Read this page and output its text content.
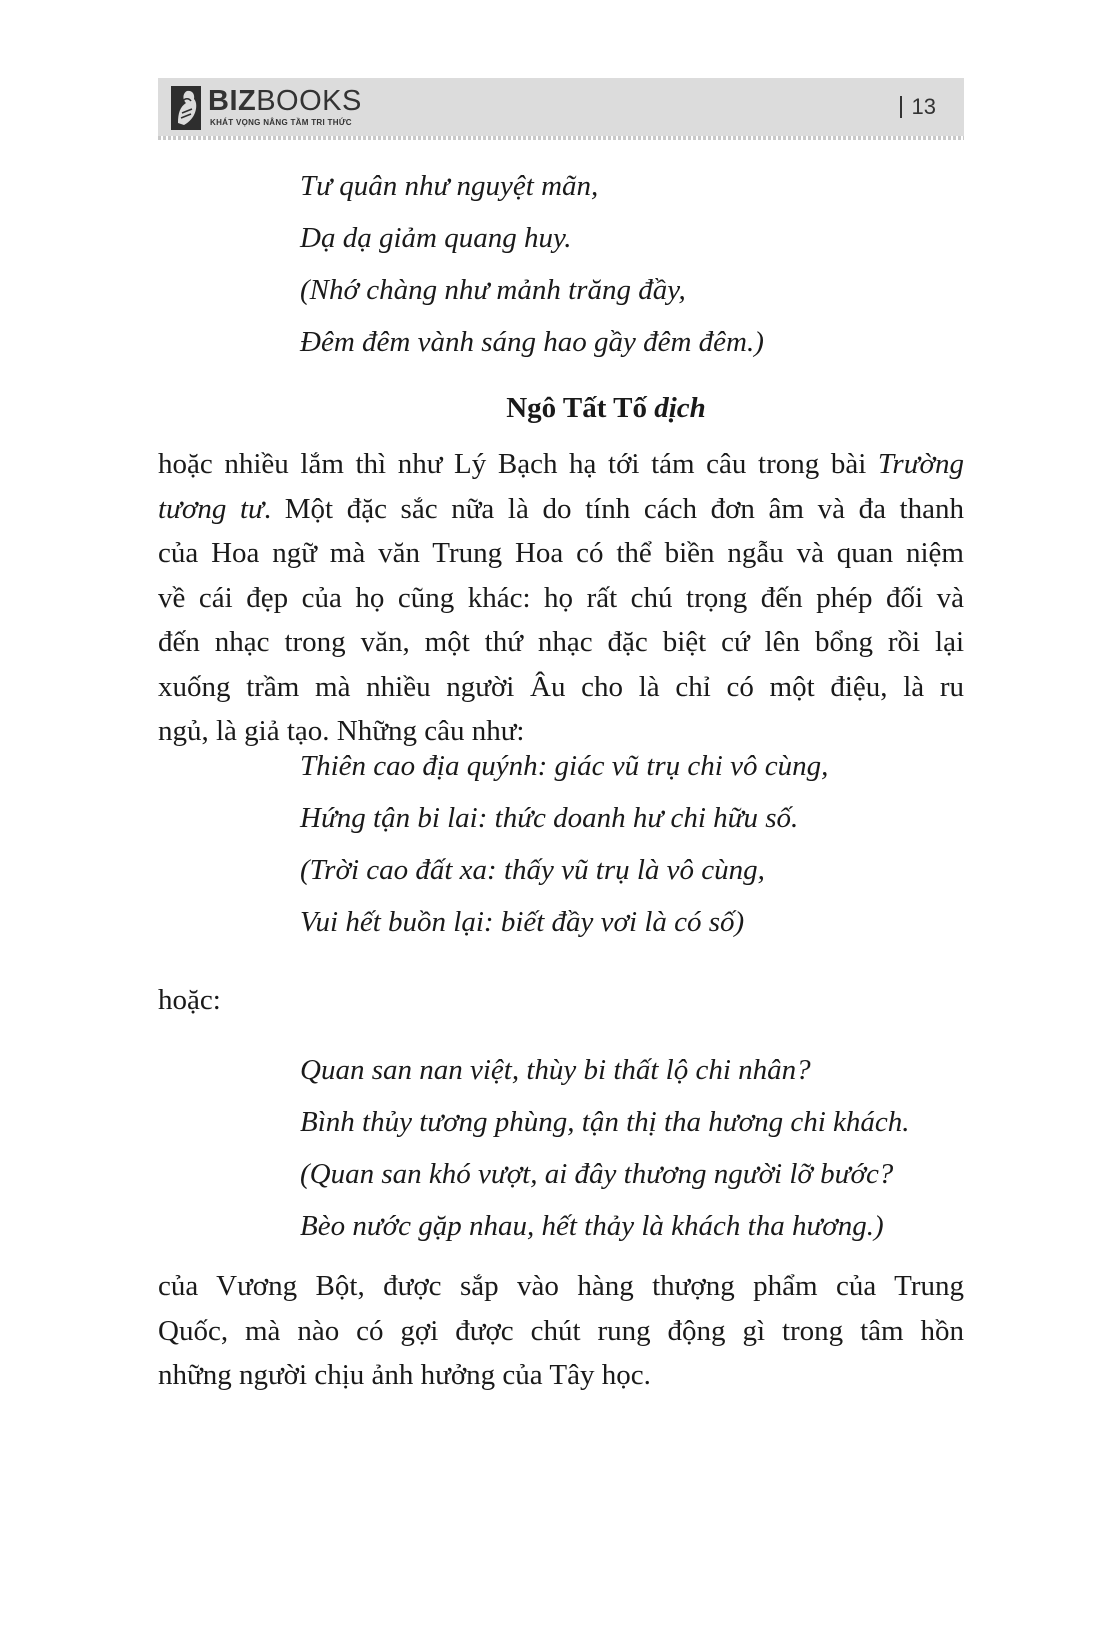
BIZBOOKS
KHÁT VỌNG NÂNG TẦM TRI THỨC
13
Tư quân như nguyệt mãn,
Dạ dạ giảm quang huy.
(Nhớ chàng như mảnh trăng đầy,
Đêm đêm vành sáng hao gầy đêm đêm.)
Ngô Tất Tố dịch
hoặc nhiều lắm thì như Lý Bạch hạ tới tám câu trong bài Trường
tương tư. Một đặc sắc nữa là do tính cách đơn âm và đa thanh
của Hoa ngữ mà văn Trung Hoa có thể biền ngẫu và quan niệm
về cái đẹp của họ cũng khác: họ rất chú trọng đến phép đối và
đến nhạc trong văn, một thứ nhạc đặc biệt cứ lên bổng rồi lại
xuống trầm mà nhiều người Âu cho là chỉ có một điệu, là ru
ngủ, là giả tạo. Những câu như:
Thiên cao địa quýnh: giác vũ trụ chi vô cùng,
Hứng tận bi lai: thức doanh hư chi hữu số.
(Trời cao đất xa: thấy vũ trụ là vô cùng,
Vui hết buồn lại: biết đầy vơi là có số)
hoặc:
Quan san nan việt, thùy bi thất lộ chi nhân?
Bình thủy tương phùng, tận thị tha hương chi khách.
(Quan san khó vượt, ai đây thương người lỡ bước?
Bèo nước gặp nhau, hết thảy là khách tha hương.)
của Vương Bột, được sắp vào hàng thượng phẩm của Trung
Quốc, mà nào có gợi được chút rung động gì trong tâm hồn
những người chịu ảnh hưởng của Tây học.
